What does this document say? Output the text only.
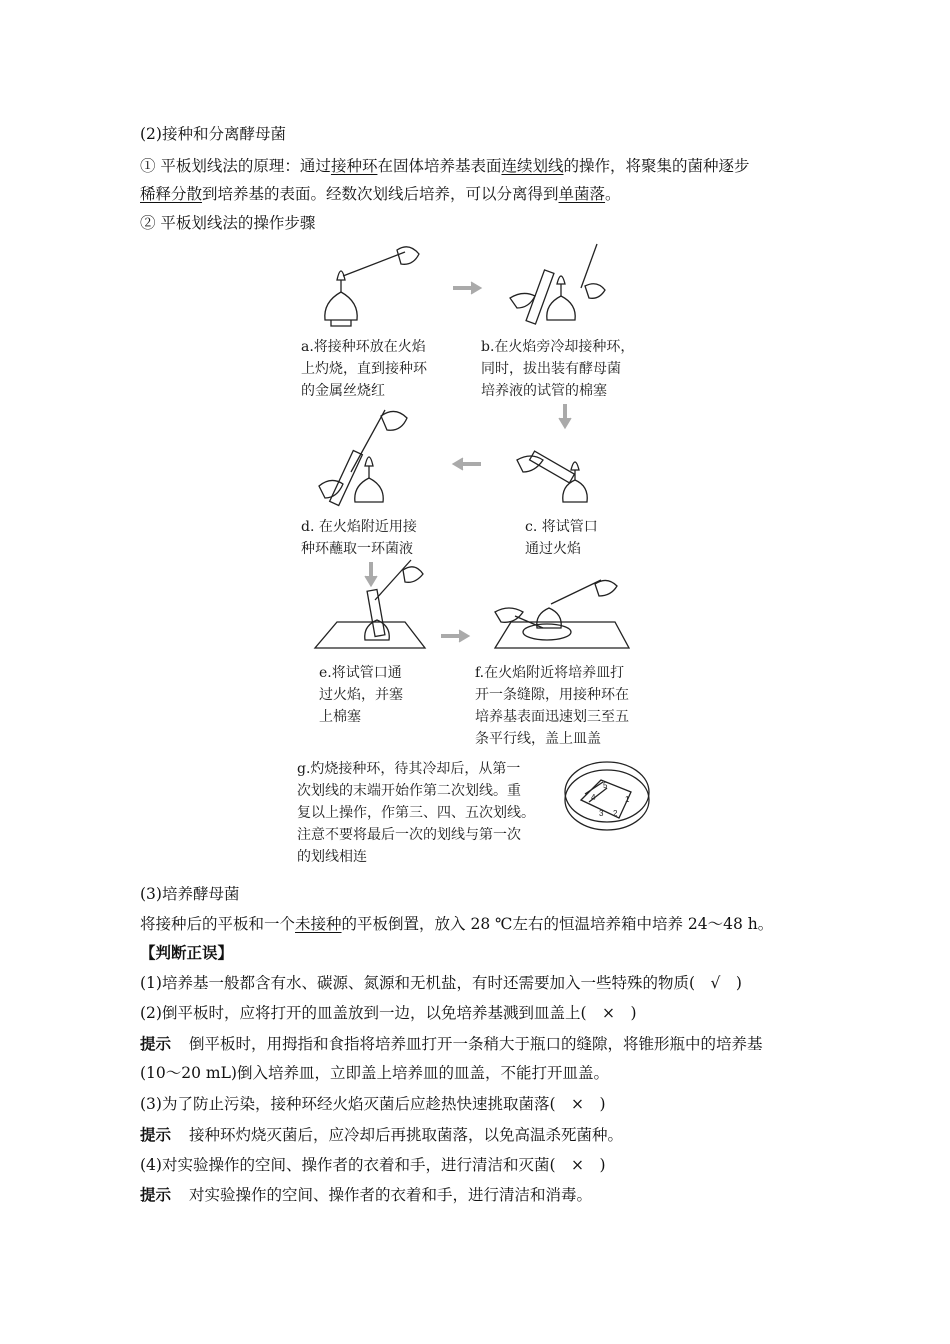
(2)接种和分离酵母菌
① 平板划线法的原理：通过接种环在固体培养基表面连续划线的操作，将聚集的菌种逐步
稀释分散到培养基的表面。经数次划线后培养，可以分离得到单菌落。
② 平板划线法的操作步骤
5
4
3 2
1
a.将接种环放在火焰
上灼烧，直到接种环
的金属丝烧红
b.在火焰旁冷却接种环，
同时，拔出装有酵母菌
培养液的试管的棉塞
c. 将试管口
通过火焰
d. 在火焰附近用接
种环蘸取一环菌液
e.将试管口通
过火焰，并塞
上棉塞
f.在火焰附近将培养皿打
开一条缝隙，用接种环在
培养基表面迅速划三至五
条平行线，盖上皿盖
g.灼烧接种环，待其冷却后，从第一
次划线的末端开始作第二次划线。重
复以上操作，作第三、四、五次划线。
注意不要将最后一次的划线与第一次
的划线相连
(3)培养酵母菌
将接种后的平板和一个未接种的平板倒置，放入 28 ℃左右的恒温培养箱中培养 24～48 h。
【判断正误】
(1)培养基一般都含有水、碳源、氮源和无机盐，有时还需要加入一些特殊的物质(　√　)
(2)倒平板时，应将打开的皿盖放到一边，以免培养基溅到皿盖上(　×　)
提示 倒平板时，用拇指和食指将培养皿打开一条稍大于瓶口的缝隙，将锥形瓶中的培养基
(10～20 mL)倒入培养皿，立即盖上培养皿的皿盖，不能打开皿盖。
(3)为了防止污染，接种环经火焰灭菌后应趁热快速挑取菌落(　×　)
提示 接种环灼烧灭菌后，应冷却后再挑取菌落，以免高温杀死菌种。
(4)对实验操作的空间、操作者的衣着和手，进行清洁和灭菌(　×　)
提示 对实验操作的空间、操作者的衣着和手，进行清洁和消毒。
